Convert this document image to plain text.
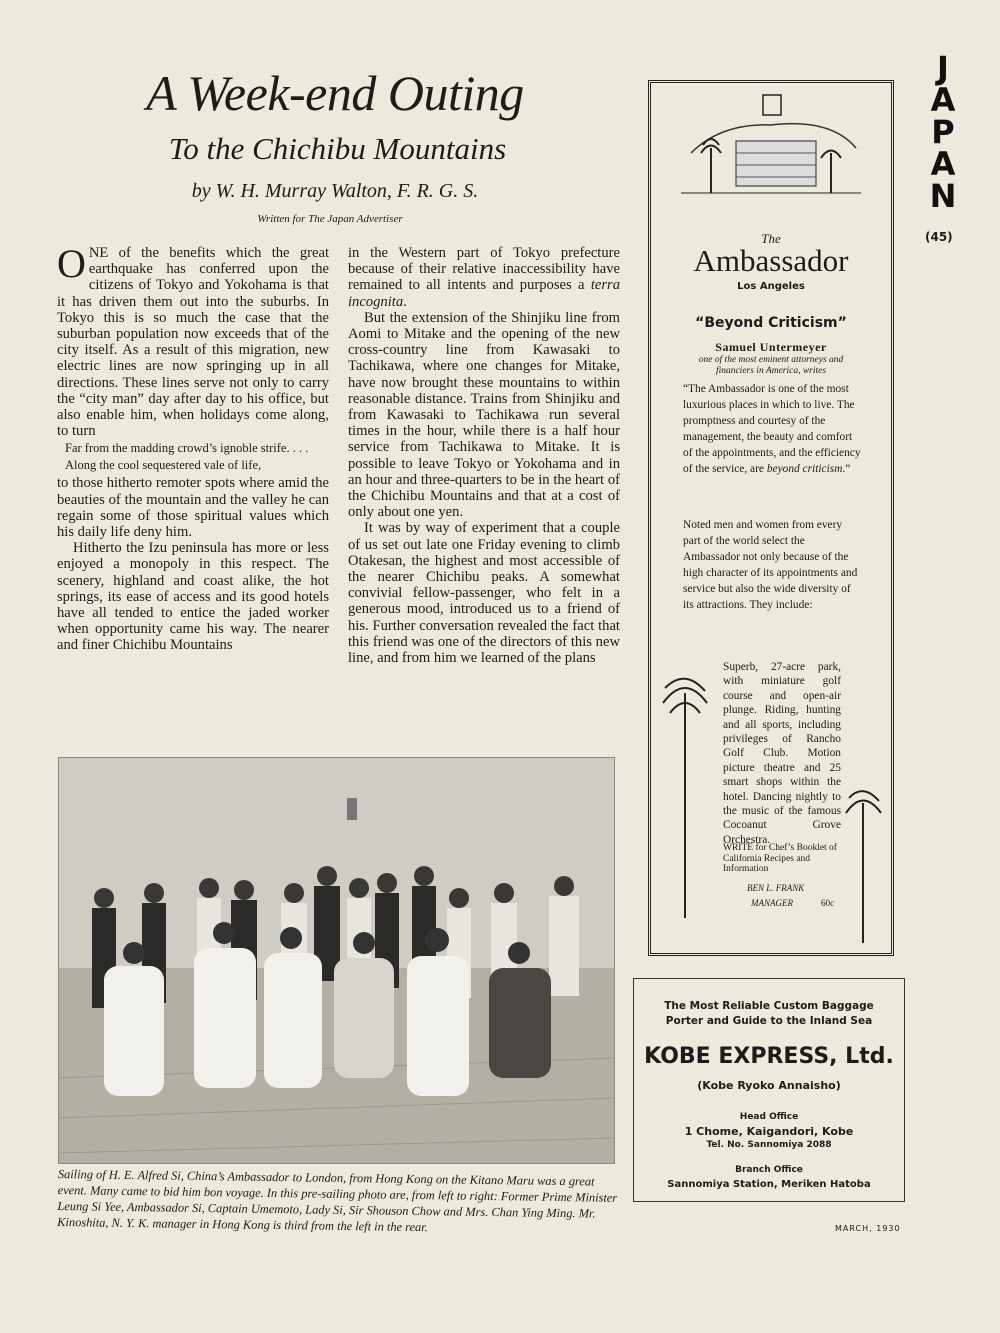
J
A
P
A
N
(45)
A Week-end Outing
To the Chichibu Mountains
by W. H. Murray Walton, F. R. G. S.
Written for The Japan Advertiser

ONE of the benefits which the great earthquake has conferred upon the citizens of Tokyo and Yokohama is that it has driven them out into the suburbs. In Tokyo this is so much the case that the suburban population now exceeds that of the city itself. As a result of this migration, new electric lines are now springing up in all directions. These lines serve not only to carry the “city man” day after day to his office, but also enable him, when holidays come along, to turn

Far from the madding crowd’s ignoble strife. . . .
Along the cool sequestered vale of life,

to those hitherto remoter spots where amid the beauties of the mountain and the valley he can regain some of those spiritual values which his daily life deny him.

Hitherto the Izu peninsula has more or less enjoyed a monopoly in this respect. The scenery, highland and coast alike, the hot springs, its ease of access and its good hotels have all tended to entice the jaded worker when opportunity came his way. The nearer and finer Chichibu Mountains

in the Western part of Tokyo prefecture because of their relative inaccessibility have remained to all intents and purposes a terra incognita.

But the extension of the Shinjiku line from Aomi to Mitake and the opening of the new cross-country line from Kawasaki to Tachikawa, where one changes for Mitake, have now brought these mountains to within reasonable distance. Trains from Shinjiku and from Kawasaki to Tachikawa run several times in the hour, while there is a half hour service from Tachikawa to Mitake. It is possible to leave Tokyo or Yokohama and in an hour and three-quarters to be in the heart of the Chichibu Mountains and that at a cost of only about one yen.

It was by way of experiment that a couple of us set out late one Friday evening to climb Otakesan, the highest and most accessible of the nearer Chichibu peaks. A somewhat convivial fellow-passenger, who felt in a generous mood, introduced us to a friend of his. Further conversation revealed the fact that this friend was one of the directors of this new line, and from him we learned of the plans

Sailing of H. E. Alfred Si, China’s Ambassador to London, from Hong Kong on the Kitano Maru was a great event. Many came to bid him bon voyage. In this pre-sailing photo are, from left to right: Former Prime Minister Leung Si Yee, Ambassador Si, Captain Umemoto, Lady Si, Sir Shouson Chow and Mrs. Chan Ying Ming. Mr. Kinoshita, N. Y. K. manager in Hong Kong is third from the left in the rear.
The
Ambassador
Los Angeles
“Beyond Criticism”
Samuel Untermeyer
one of the most eminent attorneys and financiers in America, writes
“The Ambassador is one of the most luxurious places in which to live. The promptness and courtesy of the management, the beauty and comfort of the appointments, and the efficiency of the service, are beyond criticism.”
Noted men and women from every part of the world select the Ambassador not only because of the high character of its appointments and service but also the wide diversity of its attractions. They include:
Superb, 27-acre park, with miniature golf course and open-air plunge. Riding, hunting and all sports, including privileges of Rancho Golf Club. Motion picture theatre and 25 smart shops within the hotel. Dancing nightly to the music of the famous Cocoanut Grove Orchestra.
WRITE for Chef’s Booklet of California Recipes and Information
BEN L. FRANK
MANAGER	60c
The Most Reliable Custom Baggage Porter and Guide to the Inland Sea
KOBE EXPRESS, Ltd.
(Kobe Ryoko Annaisho)
Head Office
1 Chome, Kaigandori, Kobe
Tel. No. Sannomiya 2088
Branch Office
Sannomiya Station, Meriken Hatoba
MARCH, 1930
